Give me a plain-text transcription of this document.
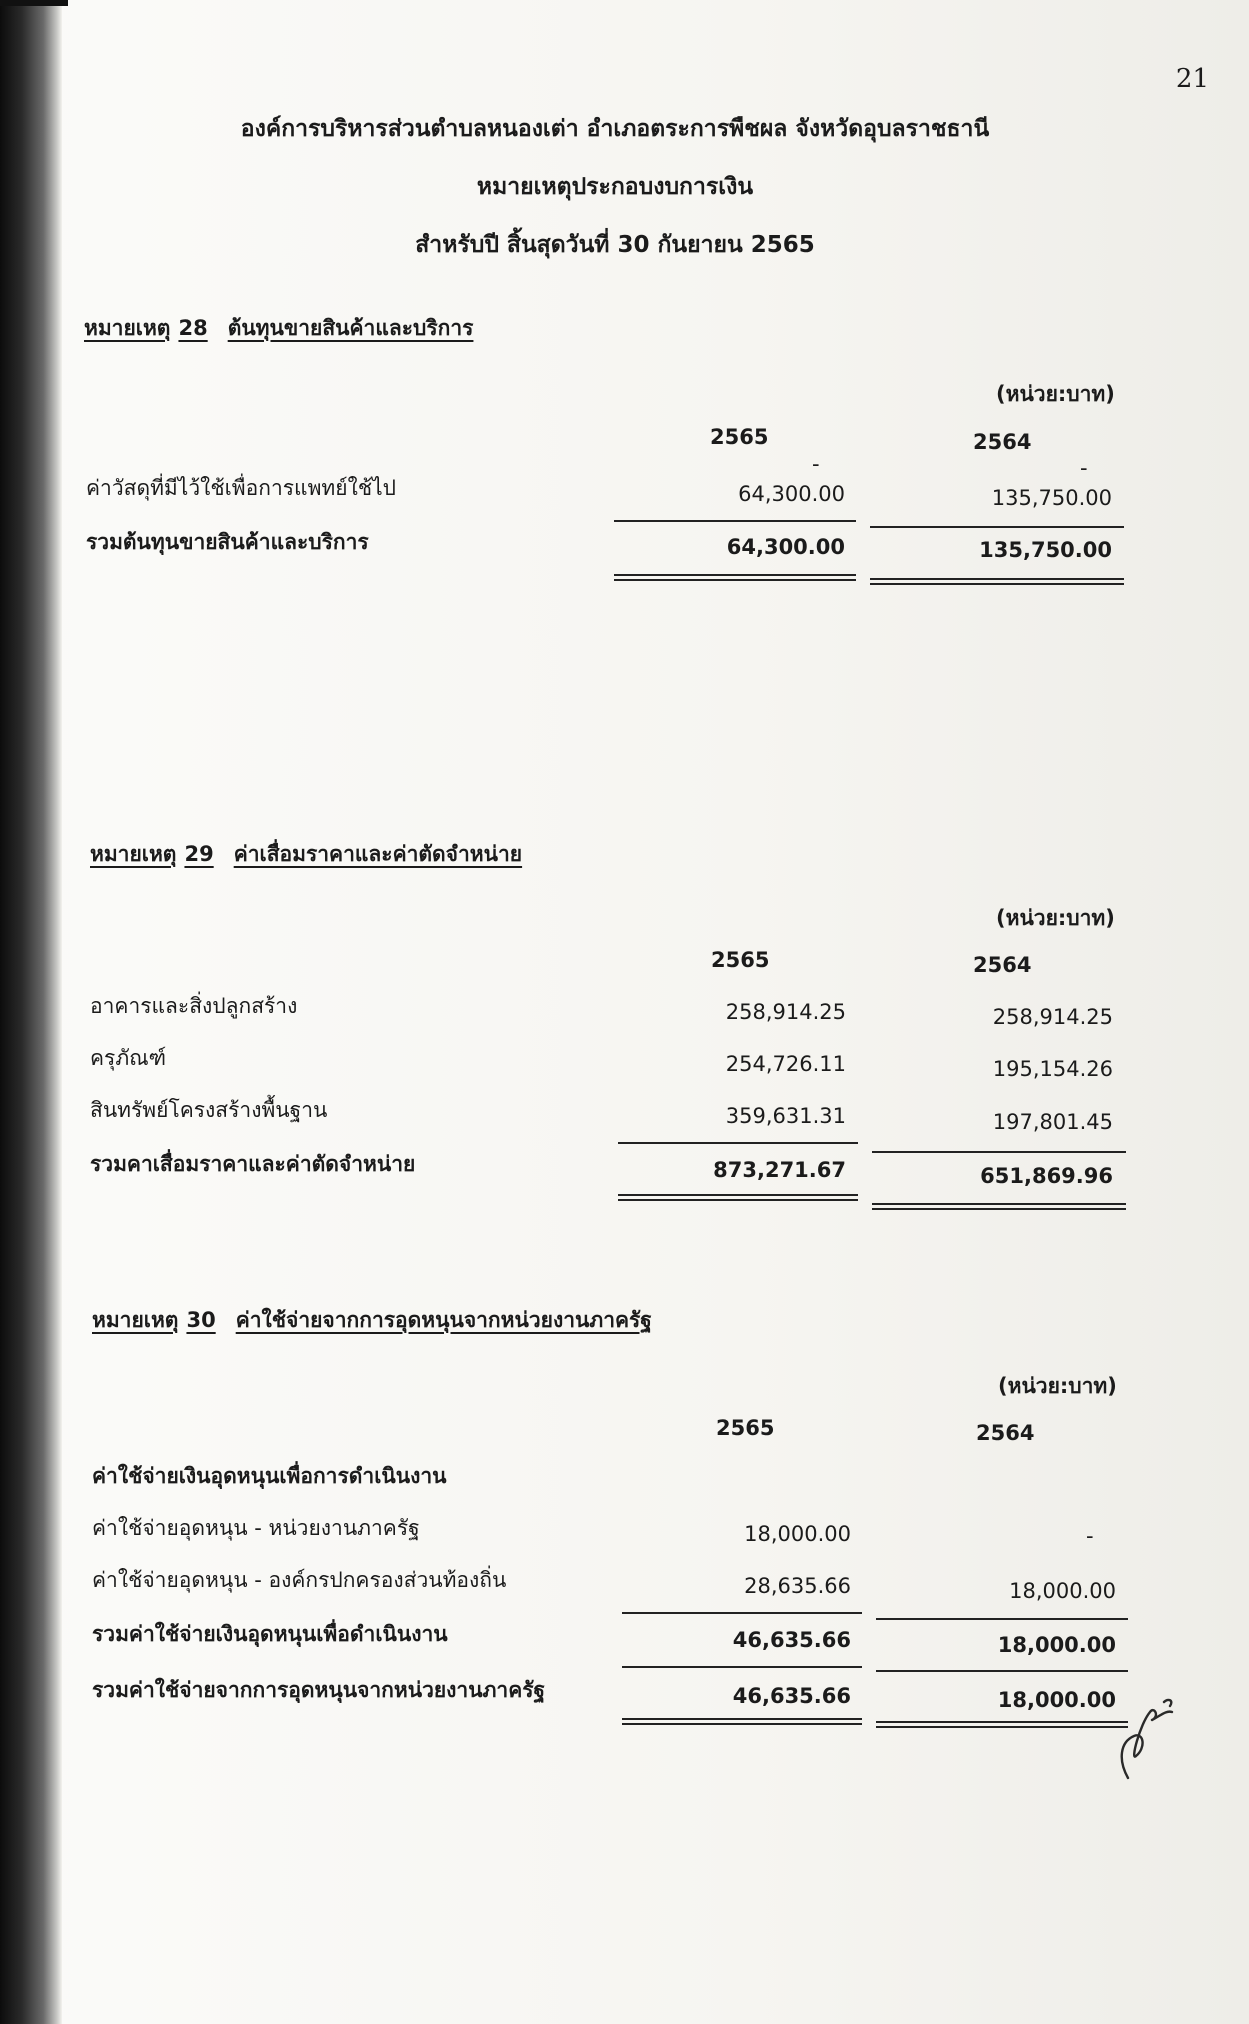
21
องค์การบริหารส่วนตำบลหนองเต่า อำเภอตระการพืชผล จังหวัดอุบลราชธานี
หมายเหตุประกอบงบการเงิน
สำหรับปี สิ้นสุดวันที่ 30 กันยายน 2565
หมายเหตุ 28 ต้นทุนขายสินค้าและบริการ
(หน่วย:บาท)
2565	2564
-	-
ค่าวัสดุที่มีไว้ใช้เพื่อการแพทย์ใช้ไป	64,300.00	135,750.00
รวมต้นทุนขายสินค้าและบริการ	64,300.00	135,750.00
หมายเหตุ 29 ค่าเสื่อมราคาและค่าตัดจำหน่าย
(หน่วย:บาท)
2565	2564
อาคารและสิ่งปลูกสร้าง	258,914.25	258,914.25
ครุภัณฑ์	254,726.11	195,154.26
สินทรัพย์โครงสร้างพื้นฐาน	359,631.31	197,801.45
รวมคาเสื่อมราคาและค่าตัดจำหน่าย	873,271.67	651,869.96
หมายเหตุ 30 ค่าใช้จ่ายจากการอุดหนุนจากหน่วยงานภาครัฐ
(หน่วย:บาท)
2565	2564
ค่าใช้จ่ายเงินอุดหนุนเพื่อการดำเนินงาน
ค่าใช้จ่ายอุดหนุน - หน่วยงานภาครัฐ	18,000.00	-
ค่าใช้จ่ายอุดหนุน - องค์กรปกครองส่วนท้องถิ่น	28,635.66	18,000.00
รวมค่าใช้จ่ายเงินอุดหนุนเพื่อดำเนินงาน	46,635.66	18,000.00
รวมค่าใช้จ่ายจากการอุดหนุนจากหน่วยงานภาครัฐ	46,635.66	18,000.00
